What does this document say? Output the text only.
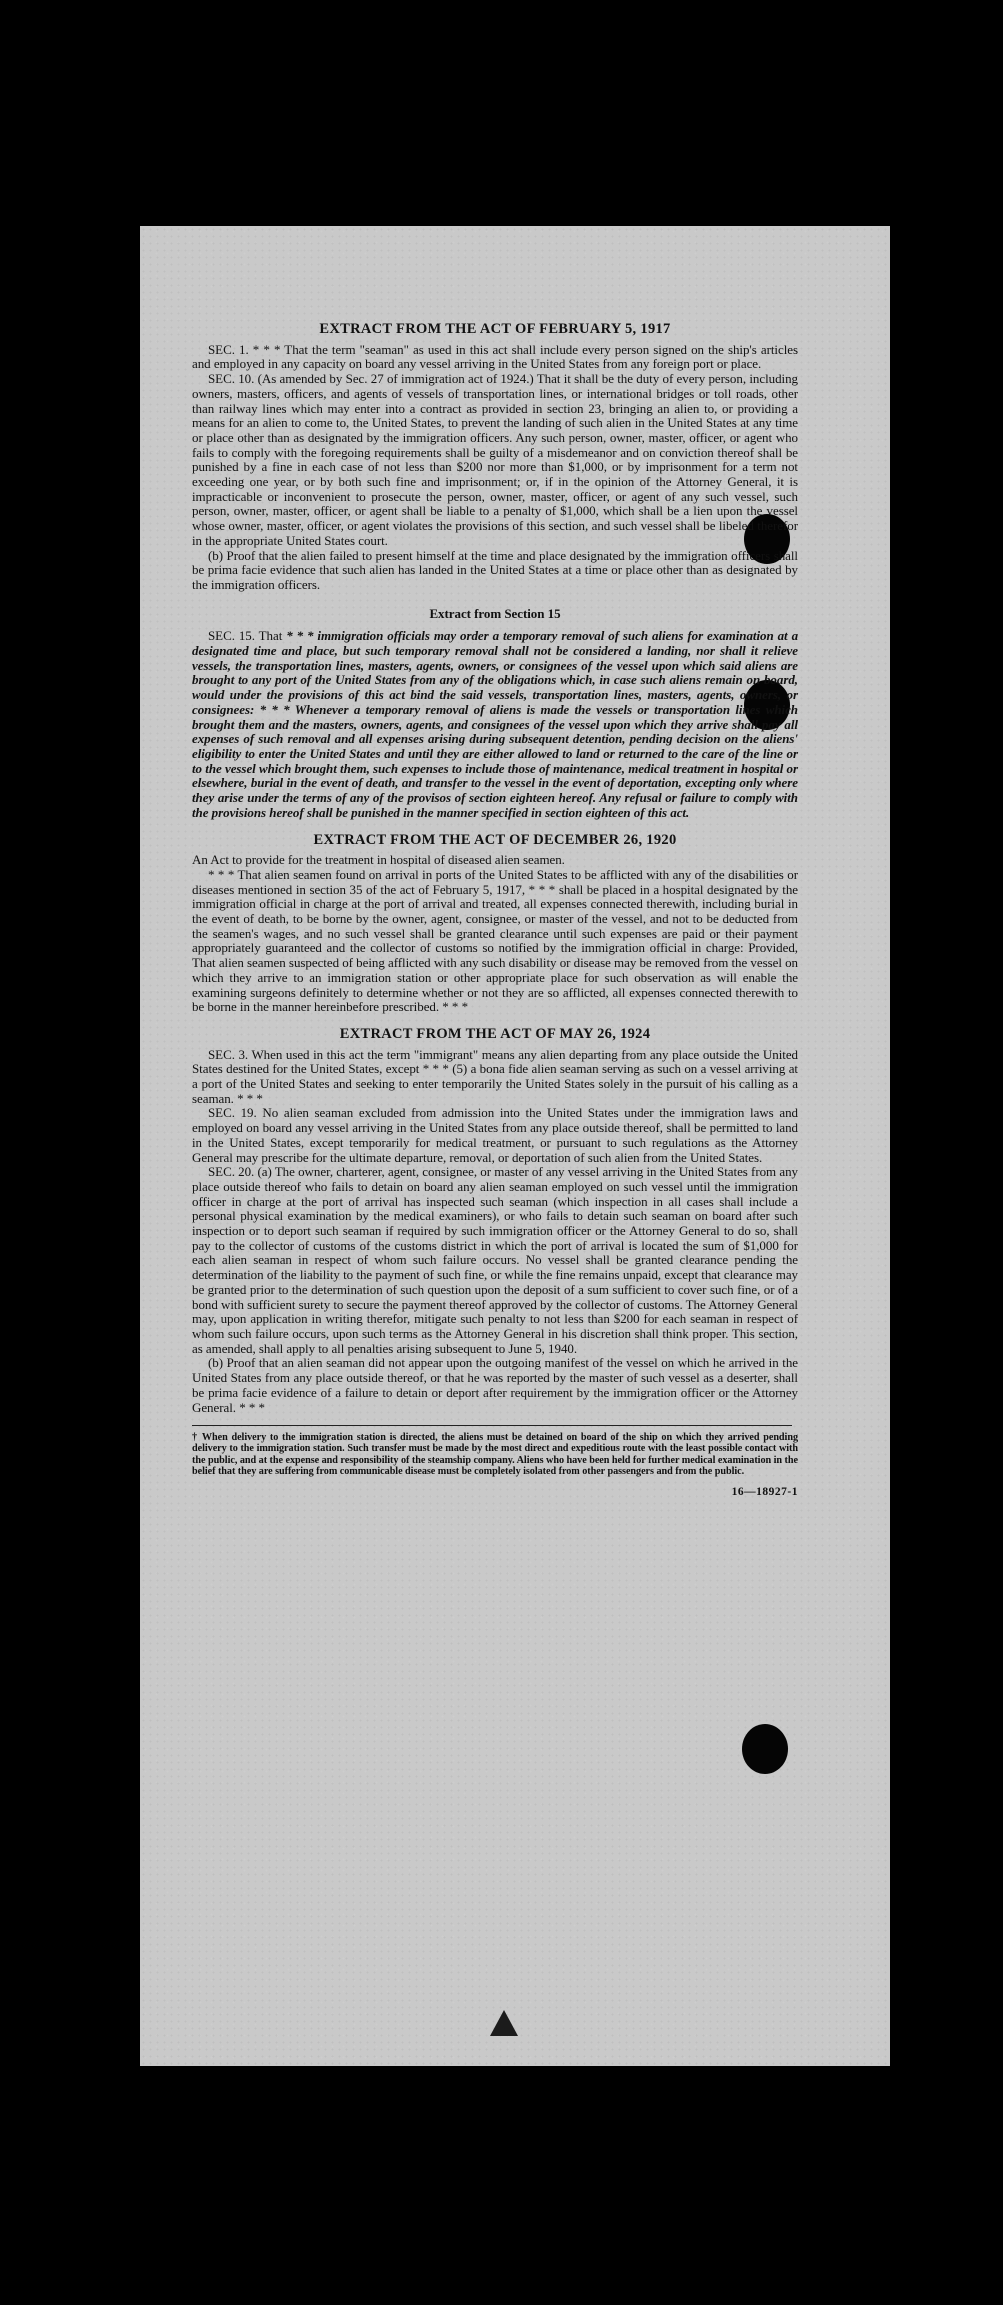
EXTRACT FROM THE ACT OF FEBRUARY 5, 1917

SEC. 1. * * * That the term "seaman" as used in this act shall include every person signed on the ship's articles and employed in any capacity on board any vessel arriving in the United States from any foreign port or place.

SEC. 10. (As amended by Sec. 27 of immigration act of 1924.) That it shall be the duty of every person, including owners, masters, officers, and agents of vessels of transportation lines, or international bridges or toll roads, other than railway lines which may enter into a contract as provided in section 23, bringing an alien to, or providing a means for an alien to come to, the United States, to prevent the landing of such alien in the United States at any time or place other than as designated by the immigration officers. Any such person, owner, master, officer, or agent who fails to comply with the foregoing requirements shall be guilty of a misdemeanor and on conviction thereof shall be punished by a fine in each case of not less than $200 nor more than $1,000, or by imprisonment for a term not exceeding one year, or by both such fine and imprisonment; or, if in the opinion of the Attorney General, it is impracticable or inconvenient to prosecute the person, owner, master, officer, or agent of any such vessel, such person, owner, master, officer, or agent shall be liable to a penalty of $1,000, which shall be a lien upon the vessel whose owner, master, officer, or agent violates the provisions of this section, and such vessel shall be libeled therefor in the appropriate United States court.

(b) Proof that the alien failed to present himself at the time and place designated by the immigration officers shall be prima facie evidence that such alien has landed in the United States at a time or place other than as designated by the immigration officers.

Extract from Section 15

SEC. 15. That * * * immigration officials may order a temporary removal of such aliens for examination at a designated time and place, but such temporary removal shall not be considered a landing, nor shall it relieve vessels, the transportation lines, masters, agents, owners, or consignees of the vessel upon which said aliens are brought to any port of the United States from any of the obligations which, in case such aliens remain on board, would under the provisions of this act bind the said vessels, transportation lines, masters, agents, owners, or consignees: * * * Whenever a temporary removal of aliens is made the vessels or transportation lines which brought them and the masters, owners, agents, and consignees of the vessel upon which they arrive shall pay all expenses of such removal and all expenses arising during subsequent detention, pending decision on the aliens' eligibility to enter the United States and until they are either allowed to land or returned to the care of the line or to the vessel which brought them, such expenses to include those of maintenance, medical treatment in hospital or elsewhere, burial in the event of death, and transfer to the vessel in the event of deportation, excepting only where they arise under the terms of any of the provisos of section eighteen hereof. Any refusal or failure to comply with the provisions hereof shall be punished in the manner specified in section eighteen of this act.

EXTRACT FROM THE ACT OF DECEMBER 26, 1920

An Act to provide for the treatment in hospital of diseased alien seamen.

* * * That alien seamen found on arrival in ports of the United States to be afflicted with any of the disabilities or diseases mentioned in section 35 of the act of February 5, 1917, * * * shall be placed in a hospital designated by the immigration official in charge at the port of arrival and treated, all expenses connected therewith, including burial in the event of death, to be borne by the owner, agent, consignee, or master of the vessel, and not to be deducted from the seamen's wages, and no such vessel shall be granted clearance until such expenses are paid or their payment appropriately guaranteed and the collector of customs so notified by the immigration official in charge: Provided, That alien seamen suspected of being afflicted with any such disability or disease may be removed from the vessel on which they arrive to an immigration station or other appropriate place for such observation as will enable the examining surgeons definitely to determine whether or not they are so afflicted, all expenses connected therewith to be borne in the manner hereinbefore prescribed. * * *

EXTRACT FROM THE ACT OF MAY 26, 1924

SEC. 3. When used in this act the term "immigrant" means any alien departing from any place outside the United States destined for the United States, except * * * (5) a bona fide alien seaman serving as such on a vessel arriving at a port of the United States and seeking to enter temporarily the United States solely in the pursuit of his calling as a seaman. * * *

SEC. 19. No alien seaman excluded from admission into the United States under the immigration laws and employed on board any vessel arriving in the United States from any place outside thereof, shall be permitted to land in the United States, except temporarily for medical treatment, or pursuant to such regulations as the Attorney General may prescribe for the ultimate departure, removal, or deportation of such alien from the United States.

SEC. 20. (a) The owner, charterer, agent, consignee, or master of any vessel arriving in the United States from any place outside thereof who fails to detain on board any alien seaman employed on such vessel until the immigration officer in charge at the port of arrival has inspected such seaman (which inspection in all cases shall include a personal physical examination by the medical examiners), or who fails to detain such seaman on board after such inspection or to deport such seaman if required by such immigration officer or the Attorney General to do so, shall pay to the collector of customs of the customs district in which the port of arrival is located the sum of $1,000 for each alien seaman in respect of whom such failure occurs. No vessel shall be granted clearance pending the determination of the liability to the payment of such fine, or while the fine remains unpaid, except that clearance may be granted prior to the determination of such question upon the deposit of a sum sufficient to cover such fine, or of a bond with sufficient surety to secure the payment thereof approved by the collector of customs. The Attorney General may, upon application in writing therefor, mitigate such penalty to not less than $200 for each seaman in respect of whom such failure occurs, upon such terms as the Attorney General in his discretion shall think proper. This section, as amended, shall apply to all penalties arising subsequent to June 5, 1940.

(b) Proof that an alien seaman did not appear upon the outgoing manifest of the vessel on which he arrived in the United States from any place outside thereof, or that he was reported by the master of such vessel as a deserter, shall be prima facie evidence of a failure to detain or deport after requirement by the immigration officer or the Attorney General. * * *

† When delivery to the immigration station is directed, the aliens must be detained on board of the ship on which they arrived pending delivery to the immigration station. Such transfer must be made by the most direct and expeditious route with the least possible contact with the public, and at the expense and responsibility of the steamship company. Aliens who have been held for further medical examination in the belief that they are suffering from communicable disease must be completely isolated from other passengers and from the public.
16—18927-1
